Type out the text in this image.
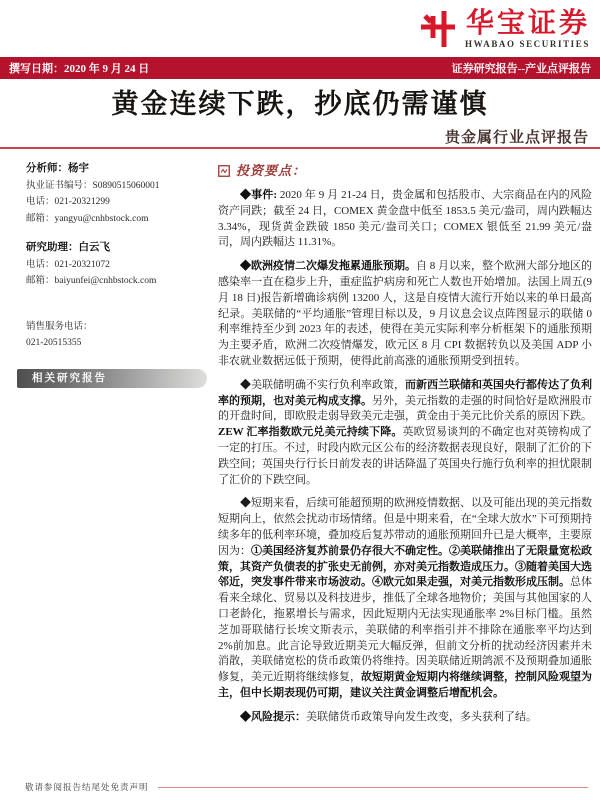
华宝证券
HWABAO SECURITIES
撰写日期：2020 年 9 月 24 日	证券研究报告--产业点评报告
黄金连续下跌，抄底仍需谨慎
贵金属行业点评报告
分析师：杨宇
执业证书编号：S0890515060001
电话：021-20321299
邮箱：yangyu@cnhbstock.com
研究助理：白云飞
电话：021-20321072
邮箱：baiyunfei@cnhbstock.com
销售服务电话：
021-20515355
相关研究报告
投资要点：

◆事件: 2020 年 9 月 21-24 日，贵金属和包括股市、大宗商品在内的风险资产同跌；截至 24 日，COMEX 黄金盘中低至 1853.5 美元/盎司，周内跌幅达 3.34%，现货黄金跌破 1850 美元/盎司关口；COMEX 银低至 21.99 美元/盎司，周内跌幅达 11.31%。

◆欧洲疫情二次爆发拖累通胀预期。自 8 月以来，整个欧洲大部分地区的感染率一直在稳步上升，重症监护病房和死亡人数也开始增加。法国上周五(9 月 18 日)报告新增确诊病例 13200 人，这是自疫情大流行开始以来的单日最高纪录。美联储的“平均通胀”管理目标以及，9 月议息会议点阵图显示的联储 0 利率维持至少到 2023 年的表述，使得在美元实际利率分析框架下的通胀预期为主要矛盾，欧洲二次疫情爆发，欧元区 8 月 CPI 数据转负以及美国 ADP 小非农就业数据远低于预期，使得此前高涨的通胀预期受到扭转。

◆美联储明确不实行负利率政策，而新西兰联储和英国央行都传达了负利率的预期，也对美元构成支撑。另外，美元指数的走强的时间恰好是欧洲股市的开盘时间，即欧股走弱导致美元走强，黄金由于美元比价关系的原因下跌。ZEW 汇率指数欧元兑美元持续下降。英欧贸易谈判的不确定也对英镑构成了一定的打压。不过，时段内欧元区公布的经济数据表现良好，限制了汇价的下跌空间；英国央行行长日前发表的讲话降温了英国央行施行负利率的担忧限制了汇价的下跌空间。

◆短期来看，后续可能超预期的欧洲疫情数据、以及可能出现的美元指数短期向上，依然会扰动市场情绪。但是中期来看，在“全球大放水”下可预期持续多年的低利率环境，叠加疫后复苏带动的通胀预期回升已是大概率，主要原因为：①美国经济复苏前景仍存很大不确定性。②美联储推出了无限量宽松政策，其资产负债表的扩张史无前例，亦对美元指数造成压力。③随着美国大选邻近，突发事件带来市场波动。④欧元如果走强，对美元指数形成压制。总体看来全球化、贸易以及科技进步，推低了全球各地物价；美国与其他国家的人口老龄化，拖累增长与需求，因此短期内无法实现通胀率 2%目标门槛。虽然芝加哥联储行长埃文斯表示，美联储的利率指引并不排除在通胀率平均达到 2%前加息。此言论导致近期美元大幅反弹，但前文分析的扰动经济因素并未消散，美联储宽松的货币政策仍将维持。因美联储近期鸽派不及预期叠加通胀修复，美元近期将继续修复，故短期黄金短期内将继续调整，控制风险观望为主，但中长期表现仍可期，建议关注黄金调整后增配机会。

◆风险提示：美联储货币政策导向发生改变，多头获利了结。

敬请参阅报告结尾处免责声明
